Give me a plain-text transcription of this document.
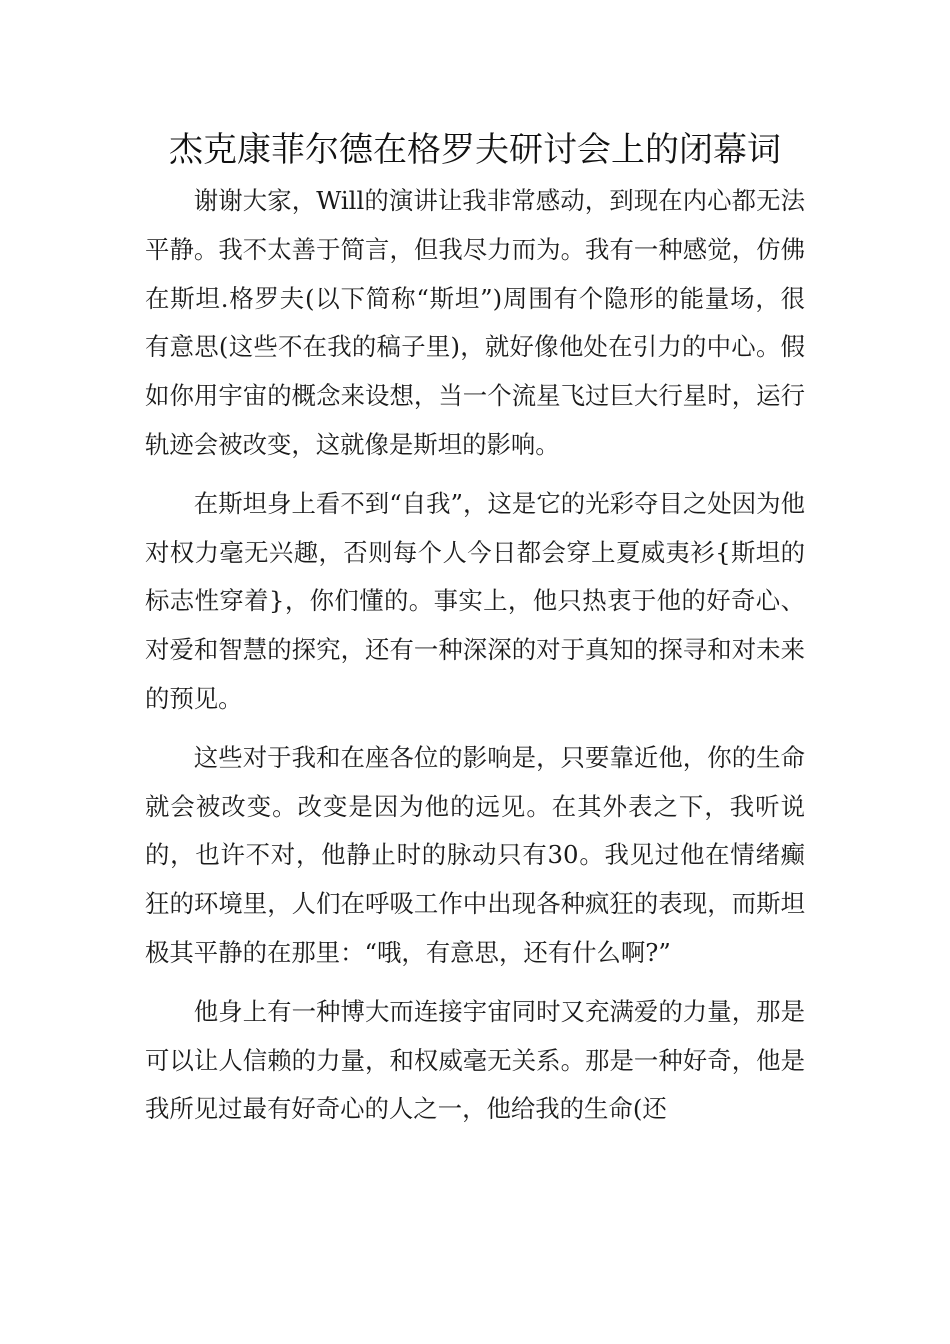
杰克康菲尔德在格罗夫研讨会上的闭幕词

谢谢大家，Will的演讲让我非常感动，到现在内心都无法平静。我不太善于简言，但我尽力而为。我有一种感觉，仿佛在斯坦.格罗夫(以下简称“斯坦”)周围有个隐形的能量场，很有意思(这些不在我的稿子里)，就好像他处在引力的中心。假如你用宇宙的概念来设想，当一个流星飞过巨大行星时，运行轨迹会被改变，这就像是斯坦的影响。

在斯坦身上看不到“自我”，这是它的光彩夺目之处因为他对权力毫无兴趣，否则每个人今日都会穿上夏威夷衫{斯坦的标志性穿着}，你们懂的。事实上，他只热衷于他的好奇心、对爱和智慧的探究，还有一种深深的对于真知的探寻和对未来的预见。

这些对于我和在座各位的影响是，只要靠近他，你的生命就会被改变。改变是因为他的远见。在其外表之下，我听说的，也许不对，他静止时的脉动只有30。我见过他在情绪癫狂的环境里，人们在呼吸工作中出现各种疯狂的表现，而斯坦极其平静的在那里：“哦，有意思，还有什么啊?”

他身上有一种博大而连接宇宙同时又充满爱的力量，那是可以让人信赖的力量，和权威毫无关系。那是一种好奇，他是我所见过最有好奇心的人之一，他给我的生命(还
